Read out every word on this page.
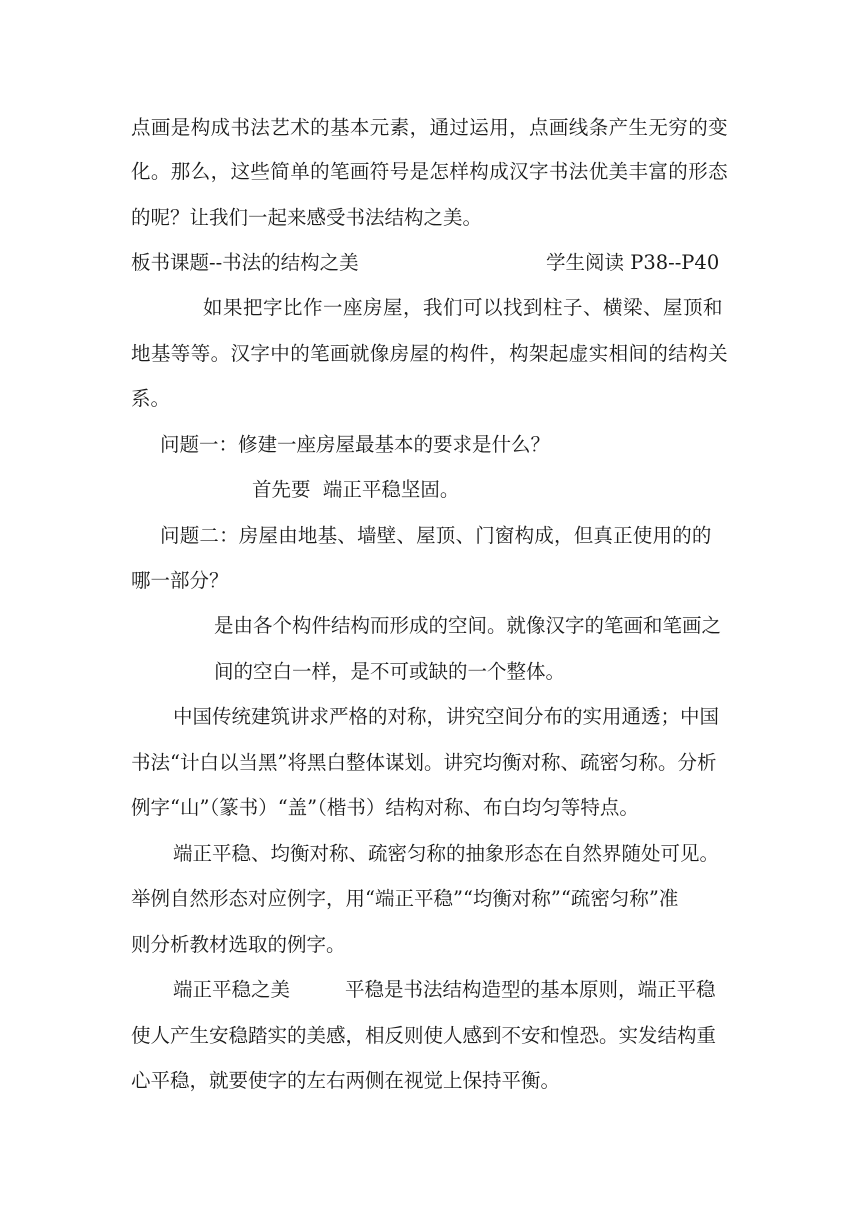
点画是构成书法艺术的基本元素，通过运用，点画线条产生无穷的变
化。那么，这些简单的笔画符号是怎样构成汉字书法优美丰富的形态
的呢？让我们一起来感受书法结构之美。
板书课题--书法的结构之美	学生阅读 P38--P40
如果把字比作一座房屋，我们可以找到柱子、横梁、屋顶和
地基等等。汉字中的笔画就像房屋的构件，构架起虚实相间的结构关
系。
问题一：修建一座房屋最基本的要求是什么？
首先要  端正平稳坚固。
问题二：房屋由地基、墙壁、屋顶、门窗构成，但真正使用的的
哪一部分？
是由各个构件结构而形成的空间。就像汉字的笔画和笔画之
间的空白一样，是不可或缺的一个整体。
中国传统建筑讲求严格的对称，讲究空间分布的实用通透；中国
书法“计白以当黑”将黑白整体谋划。讲究均衡对称、疏密匀称。分析
例字“山”（篆书）“盖”（楷书）结构对称、布白均匀等特点。
端正平稳、均衡对称、疏密匀称的抽象形态在自然界随处可见。
举例自然形态对应例字，用“端正平稳”“均衡对称”“疏密匀称”准
则分析教材选取的例字。
端正平稳之美	平稳是书法结构造型的基本原则，端正平稳
使人产生安稳踏实的美感，相反则使人感到不安和惶恐。实发结构重
心平稳，就要使字的左右两侧在视觉上保持平衡。
